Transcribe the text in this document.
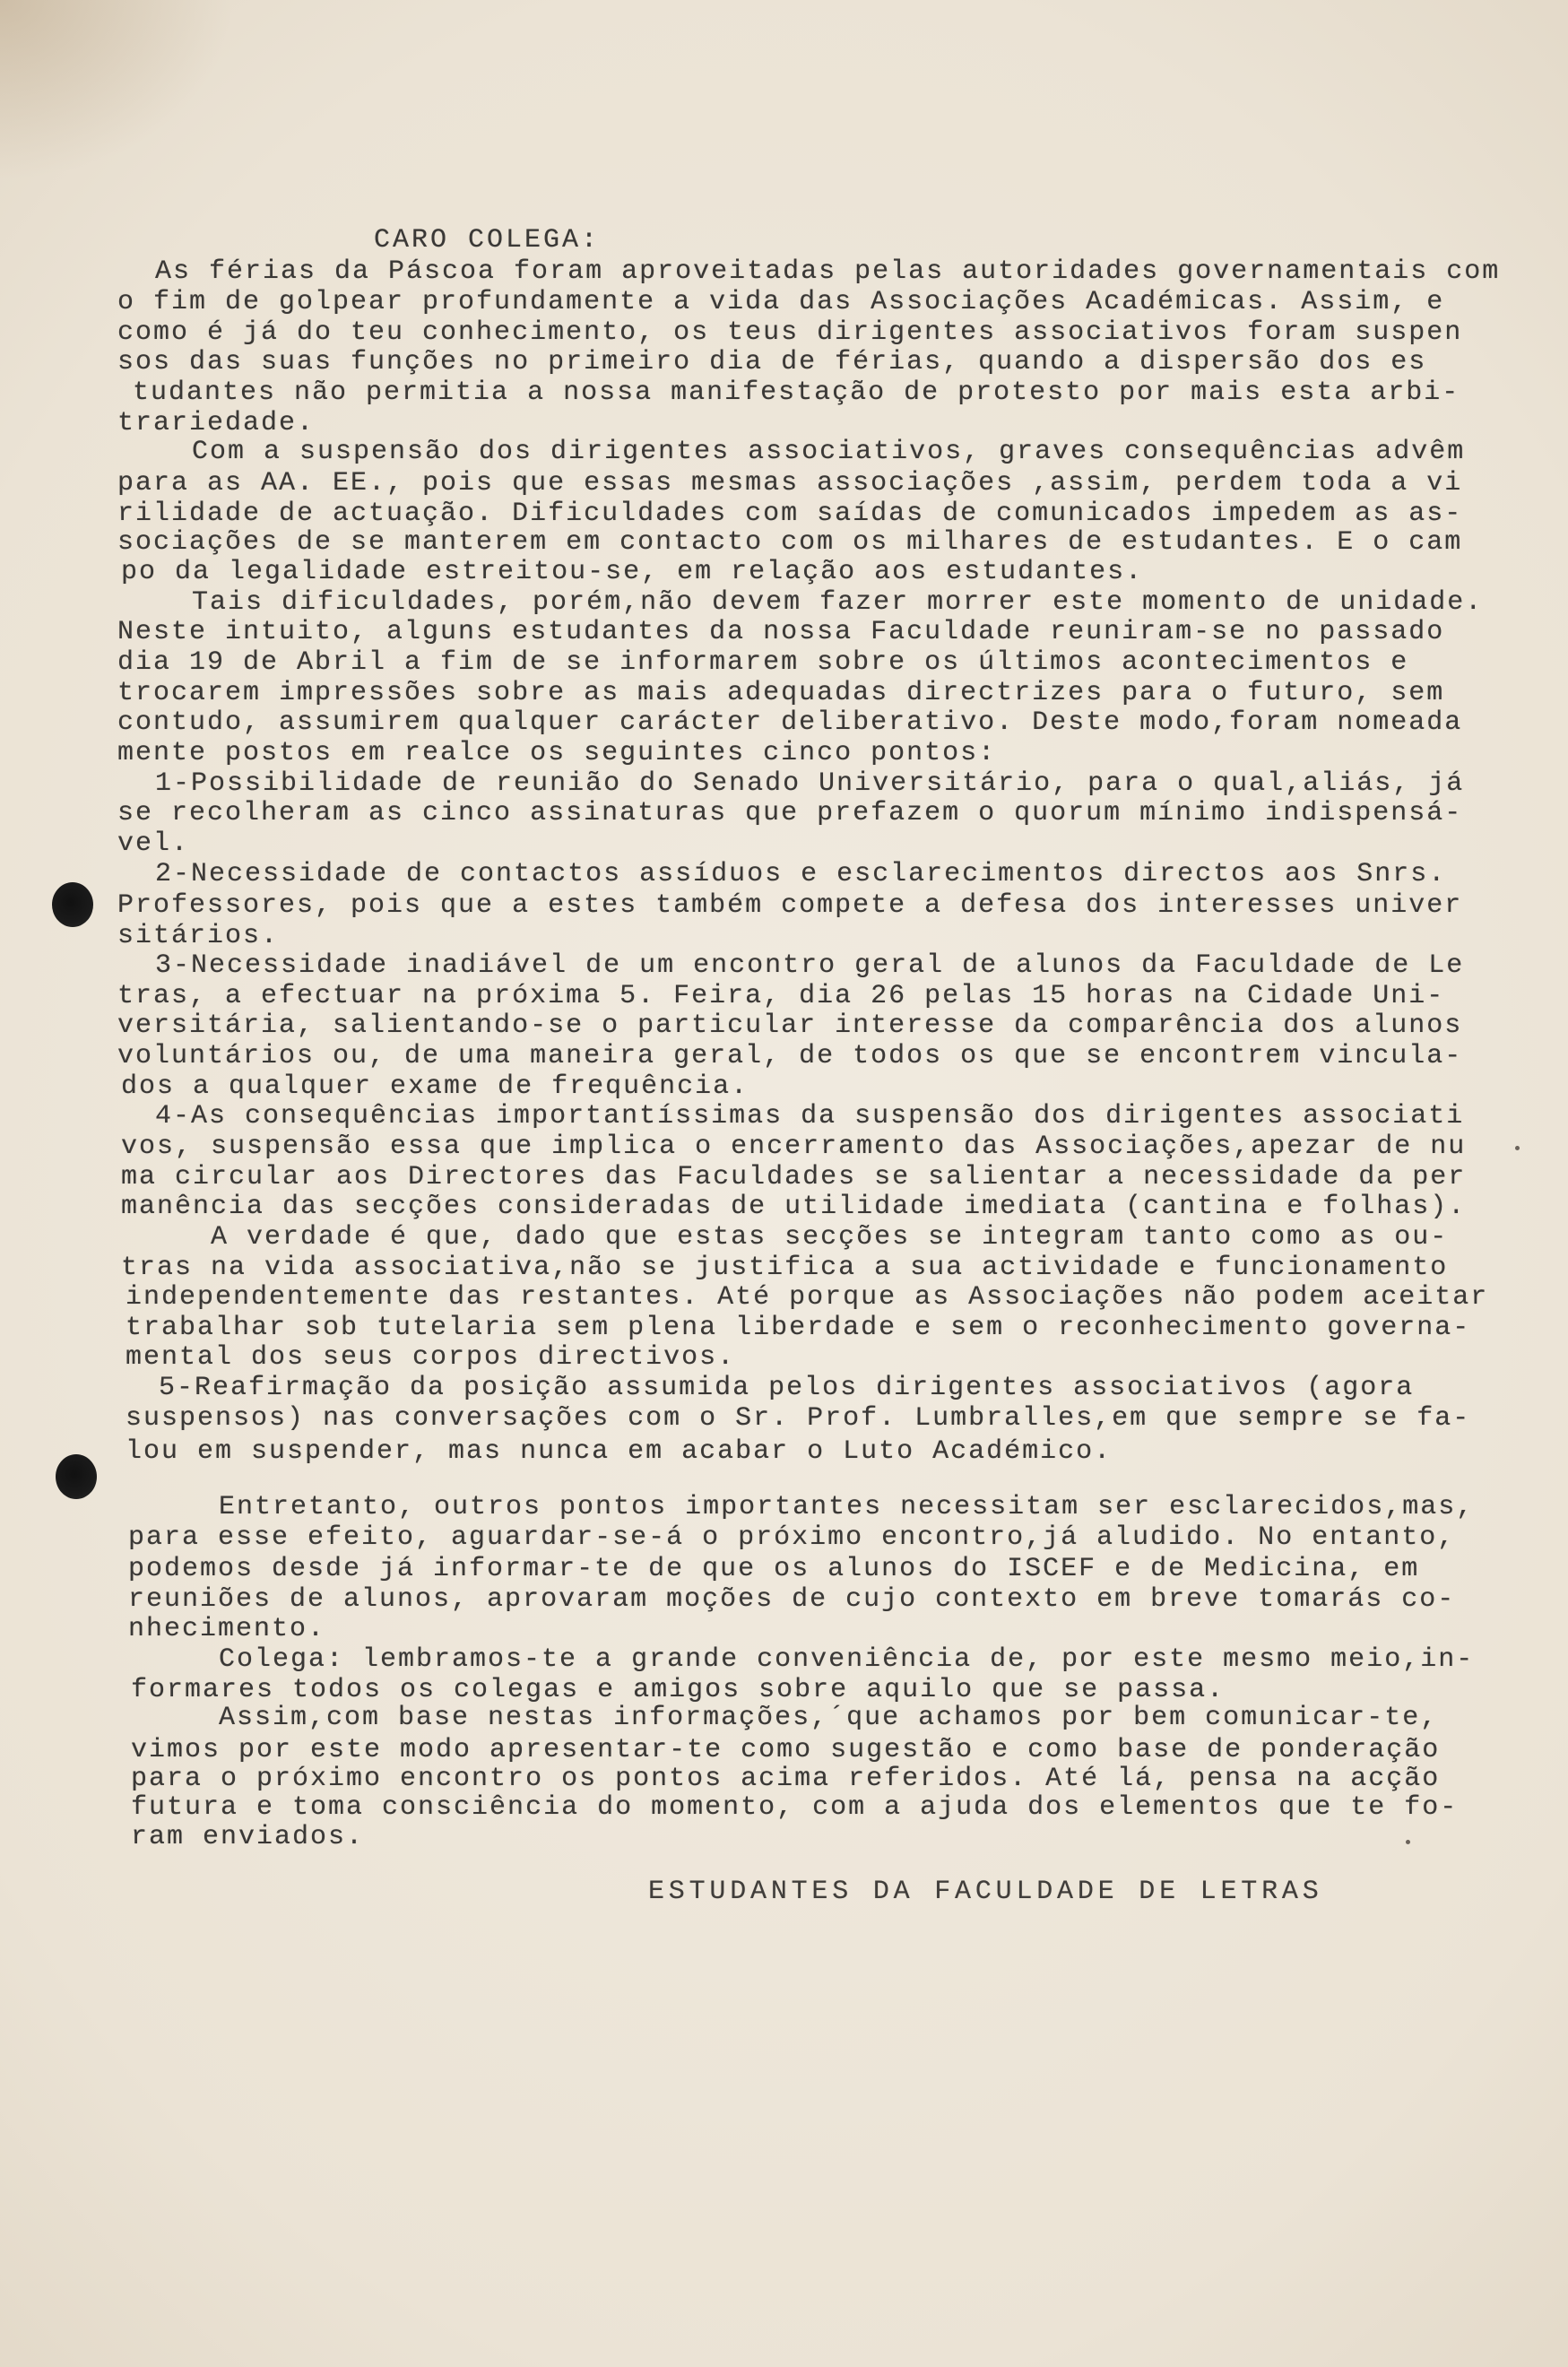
CARO COLEGA:
As férias da Páscoa foram aproveitadas pelas autoridades governamentais com
o fim de golpear profundamente a vida das Associações Académicas. Assim, e
como é já do teu conhecimento, os teus dirigentes associativos foram suspen
sos das suas funções no primeiro dia de férias, quando a dispersão dos es
tudantes não permitia a nossa manifestação de protesto por mais esta arbi-
trariedade.
Com a suspensão dos dirigentes associativos, graves consequências advêm
para as AA. EE., pois que essas mesmas associações ,assim, perdem toda a vi
rilidade de actuação. Dificuldades com saídas de comunicados impedem as as-
sociações de se manterem em contacto com os milhares de estudantes. E o cam
po da legalidade estreitou-se, em relação aos estudantes.
Tais dificuldades, porém,não devem fazer morrer este momento de unidade.
Neste intuito, alguns estudantes da nossa Faculdade reuniram-se no passado
dia 19 de Abril a fim de se informarem sobre os últimos acontecimentos e
trocarem impressões sobre as mais adequadas directrizes para o futuro, sem
contudo, assumirem qualquer carácter deliberativo. Deste modo,foram nomeada
mente postos em realce os seguintes cinco pontos:
1-Possibilidade de reunião do Senado Universitário, para o qual,aliás, já
se recolheram as cinco assinaturas que prefazem o quorum mínimo indispensá-
vel.
2-Necessidade de contactos assíduos e esclarecimentos directos aos Snrs.
Professores, pois que a estes também compete a defesa dos interesses univer
sitários.
3-Necessidade inadiável de um encontro geral de alunos da Faculdade de Le
tras, a efectuar na próxima 5. Feira, dia 26 pelas 15 horas na Cidade Uni-
versitária, salientando-se o particular interesse da comparência dos alunos
voluntários ou, de uma maneira geral, de todos os que se encontrem vincula-
dos a qualquer exame de frequência.
4-As consequências importantíssimas da suspensão dos dirigentes associati
vos, suspensão essa que implica o encerramento das Associações,apezar de nu
ma circular aos Directores das Faculdades se salientar a necessidade da per
manência das secções consideradas de utilidade imediata (cantina e folhas).
A verdade é que, dado que estas secções se integram tanto como as ou-
tras na vida associativa,não se justifica a sua actividade e funcionamento
independentemente das restantes. Até porque as Associações não podem aceitar
trabalhar sob tutelaria sem plena liberdade e sem o reconhecimento governa-
mental dos seus corpos directivos.
5-Reafirmação da posição assumida pelos dirigentes associativos (agora
suspensos) nas conversações com o Sr. Prof. Lumbralles,em que sempre se fa-
lou em suspender, mas nunca em acabar o Luto Académico.
Entretanto, outros pontos importantes necessitam ser esclarecidos,mas,
para esse efeito, aguardar-se-á o próximo encontro,já aludido. No entanto,
podemos desde já informar-te de que os alunos do ISCEF e de Medicina, em
reuniões de alunos, aprovaram moções de cujo contexto em breve tomarás co-
nhecimento.
Colega: lembramos-te a grande conveniência de, por este mesmo meio,in-
formares todos os colegas e amigos sobre aquilo que se passa.
Assim,com base nestas informações,´que achamos por bem comunicar-te,
vimos por este modo apresentar-te como sugestão e como base de ponderação
para o próximo encontro os pontos acima referidos. Até lá, pensa na acção
futura e toma consciência do momento, com a ajuda dos elementos que te fo-
ram enviados.
ESTUDANTES DA FACULDADE DE LETRAS
